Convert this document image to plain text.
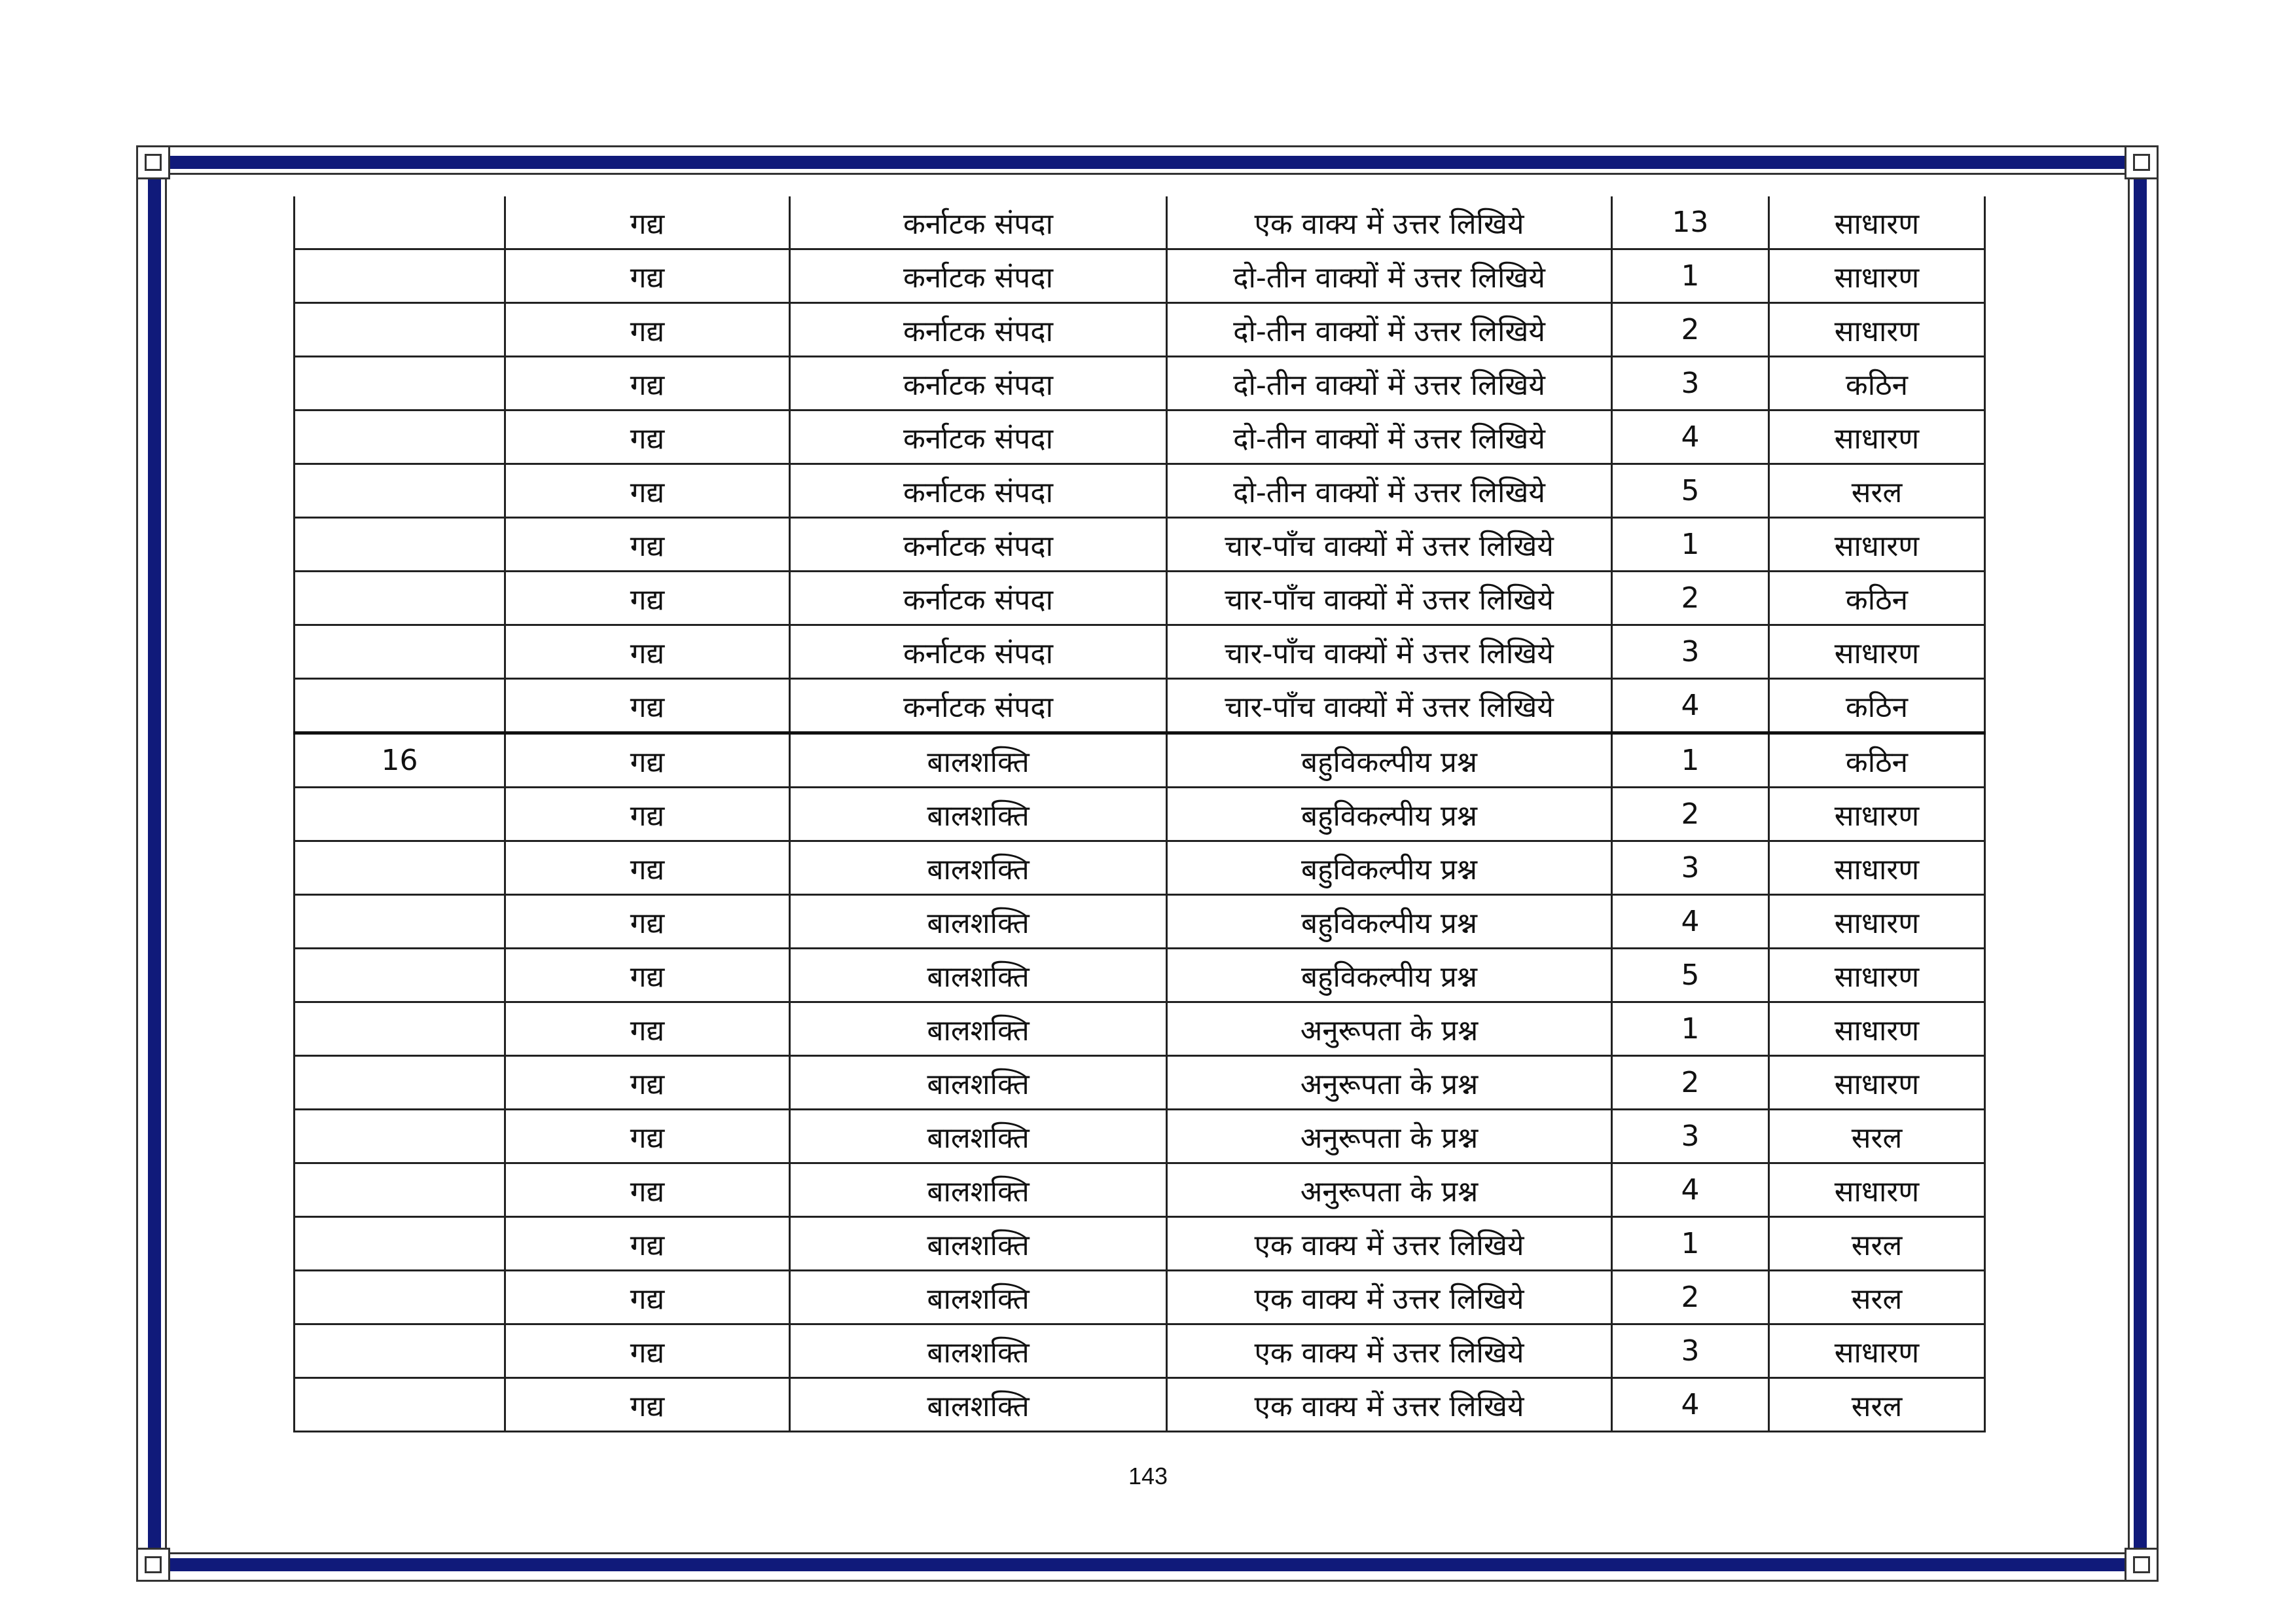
	गद्य	कर्नाटक संपदा	एक वाक्य में उत्तर लिखिये	13	साधारण
	गद्य	कर्नाटक संपदा	दो-तीन वाक्यों में उत्तर लिखिये	1	साधारण
	गद्य	कर्नाटक संपदा	दो-तीन वाक्यों में उत्तर लिखिये	2	साधारण
	गद्य	कर्नाटक संपदा	दो-तीन वाक्यों में उत्तर लिखिये	3	कठिन
	गद्य	कर्नाटक संपदा	दो-तीन वाक्यों में उत्तर लिखिये	4	साधारण
	गद्य	कर्नाटक संपदा	दो-तीन वाक्यों में उत्तर लिखिये	5	सरल
	गद्य	कर्नाटक संपदा	चार-पाँच वाक्यों में उत्तर लिखिये	1	साधारण
	गद्य	कर्नाटक संपदा	चार-पाँच वाक्यों में उत्तर लिखिये	2	कठिन
	गद्य	कर्नाटक संपदा	चार-पाँच वाक्यों में उत्तर लिखिये	3	साधारण
	गद्य	कर्नाटक संपदा	चार-पाँच वाक्यों में उत्तर लिखिये	4	कठिन
16	गद्य	बालशक्ति	बहुविकल्पीय प्रश्न	1	कठिन
	गद्य	बालशक्ति	बहुविकल्पीय प्रश्न	2	साधारण
	गद्य	बालशक्ति	बहुविकल्पीय प्रश्न	3	साधारण
	गद्य	बालशक्ति	बहुविकल्पीय प्रश्न	4	साधारण
	गद्य	बालशक्ति	बहुविकल्पीय प्रश्न	5	साधारण
	गद्य	बालशक्ति	अनुरूपता के प्रश्न	1	साधारण
	गद्य	बालशक्ति	अनुरूपता के प्रश्न	2	साधारण
	गद्य	बालशक्ति	अनुरूपता के प्रश्न	3	सरल
	गद्य	बालशक्ति	अनुरूपता के प्रश्न	4	साधारण
	गद्य	बालशक्ति	एक वाक्य में उत्तर लिखिये	1	सरल
	गद्य	बालशक्ति	एक वाक्य में उत्तर लिखिये	2	सरल
	गद्य	बालशक्ति	एक वाक्य में उत्तर लिखिये	3	साधारण
	गद्य	बालशक्ति	एक वाक्य में उत्तर लिखिये	4	सरल
143
